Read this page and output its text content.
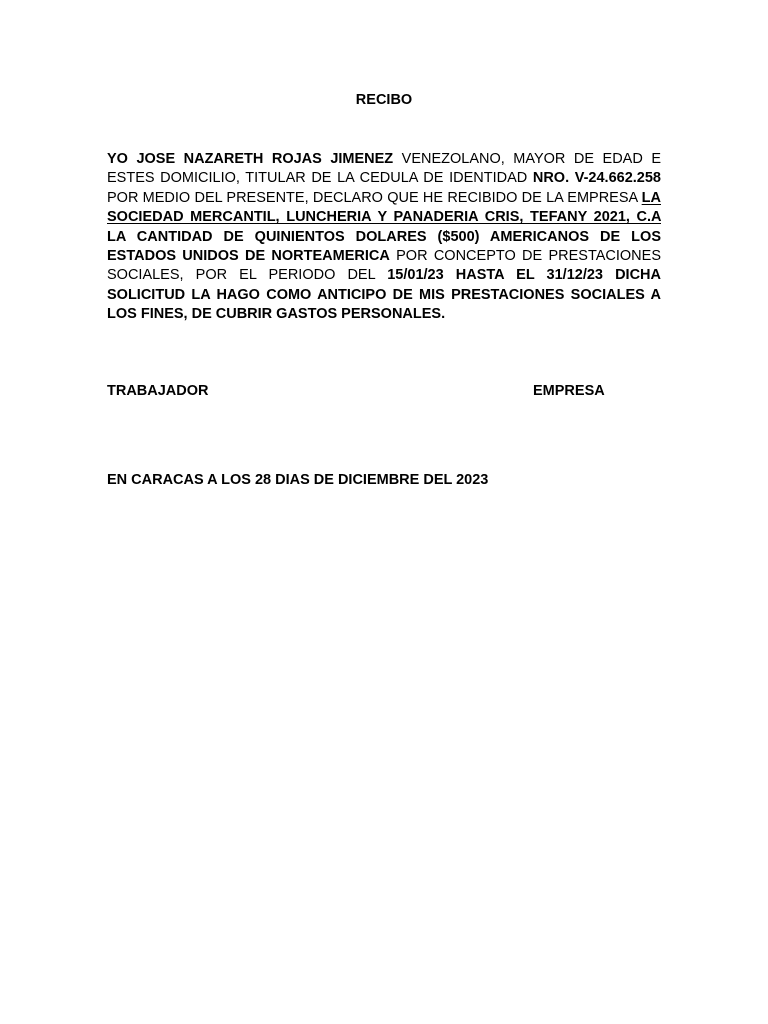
RECIBO
YO JOSE NAZARETH ROJAS JIMENEZ VENEZOLANO, MAYOR DE EDAD E ESTES DOMICILIO, TITULAR DE LA CEDULA DE IDENTIDAD NRO. V-24.662.258 POR MEDIO DEL PRESENTE, DECLARO QUE HE RECIBIDO DE LA EMPRESA LA SOCIEDAD MERCANTIL, LUNCHERIA Y PANADERIA CRIS, TEFANY 2021, C.A LA CANTIDAD DE QUINIENTOS DOLARES ($500) AMERICANOS DE LOS ESTADOS UNIDOS DE NORTEAMERICA POR CONCEPTO DE PRESTACIONES SOCIALES, POR EL PERIODO DEL 15/01/23 HASTA EL 31/12/23 DICHA SOLICITUD LA HAGO COMO ANTICIPO DE MIS PRESTACIONES SOCIALES A LOS FINES, DE CUBRIR GASTOS PERSONALES.
TRABAJADOR	EMPRESA
EN CARACAS A LOS 28 DIAS DE DICIEMBRE DEL 2023
